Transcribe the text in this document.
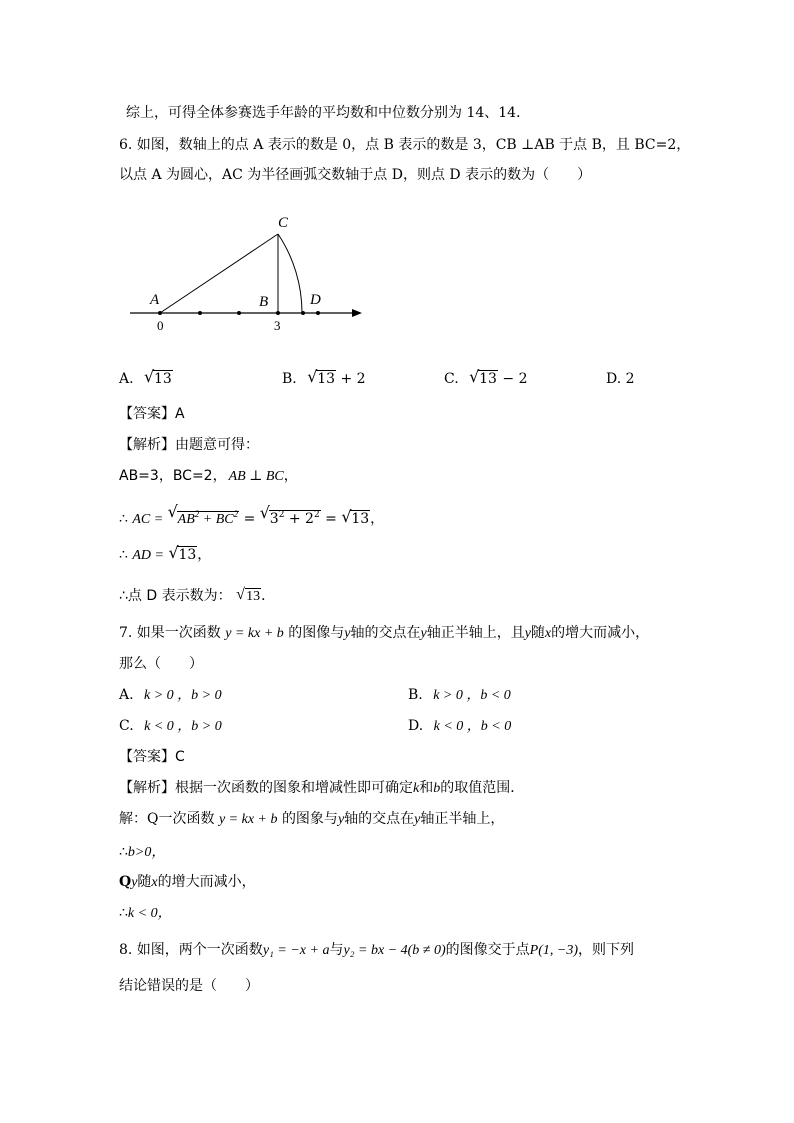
综上，可得全体参赛选手年龄的平均数和中位数分别为 14、14．
6. 如图，数轴上的点 A 表示的数是 0，点 B 表示的数是 3，CB ⊥AB 于点 B，且 BC=2，
以点 A 为圆心，AC 为半径画弧交数轴于点 D，则点 D 表示的数为（　　）
A	B
C
D
0	3
A. √ 13	B. √ 13 + 2	C. √ 13 − 2	D. 2
【答案】A
【解析】由题意可得：
AB=3，BC=2， AB ⊥ BC，
∴ AC = √ $AB^2 + BC^2$ = √ $3^2 + 2^2$ = √ 13，
∴ AD = √ 13，
∴点 D 表示数为： √ 13．
7. 如果一次函数 y = kx + b 的图像与y轴的交点在y轴正半轴上，且y随x的增大而减小，
那么（　　）
A. k > 0 ，b > 0	B. k > 0 ，b < 0
C. k < 0 ，b > 0	D. k < 0 ，b < 0
【答案】C
【解析】根据一次函数的图象和增减性即可确定k和b的取值范围．
解：Q一次函数 y = kx + b 的图象与y轴的交点在y轴正半轴上，
∴b>0，
Qy随x的增大而减小，
∴k < 0，
8. 如图，两个一次函数y₁ = −x + a与y₂ = bx − 4(b ≠ 0)的图像交于点P(1, −3)，则下列
结论错误的是（　　）
